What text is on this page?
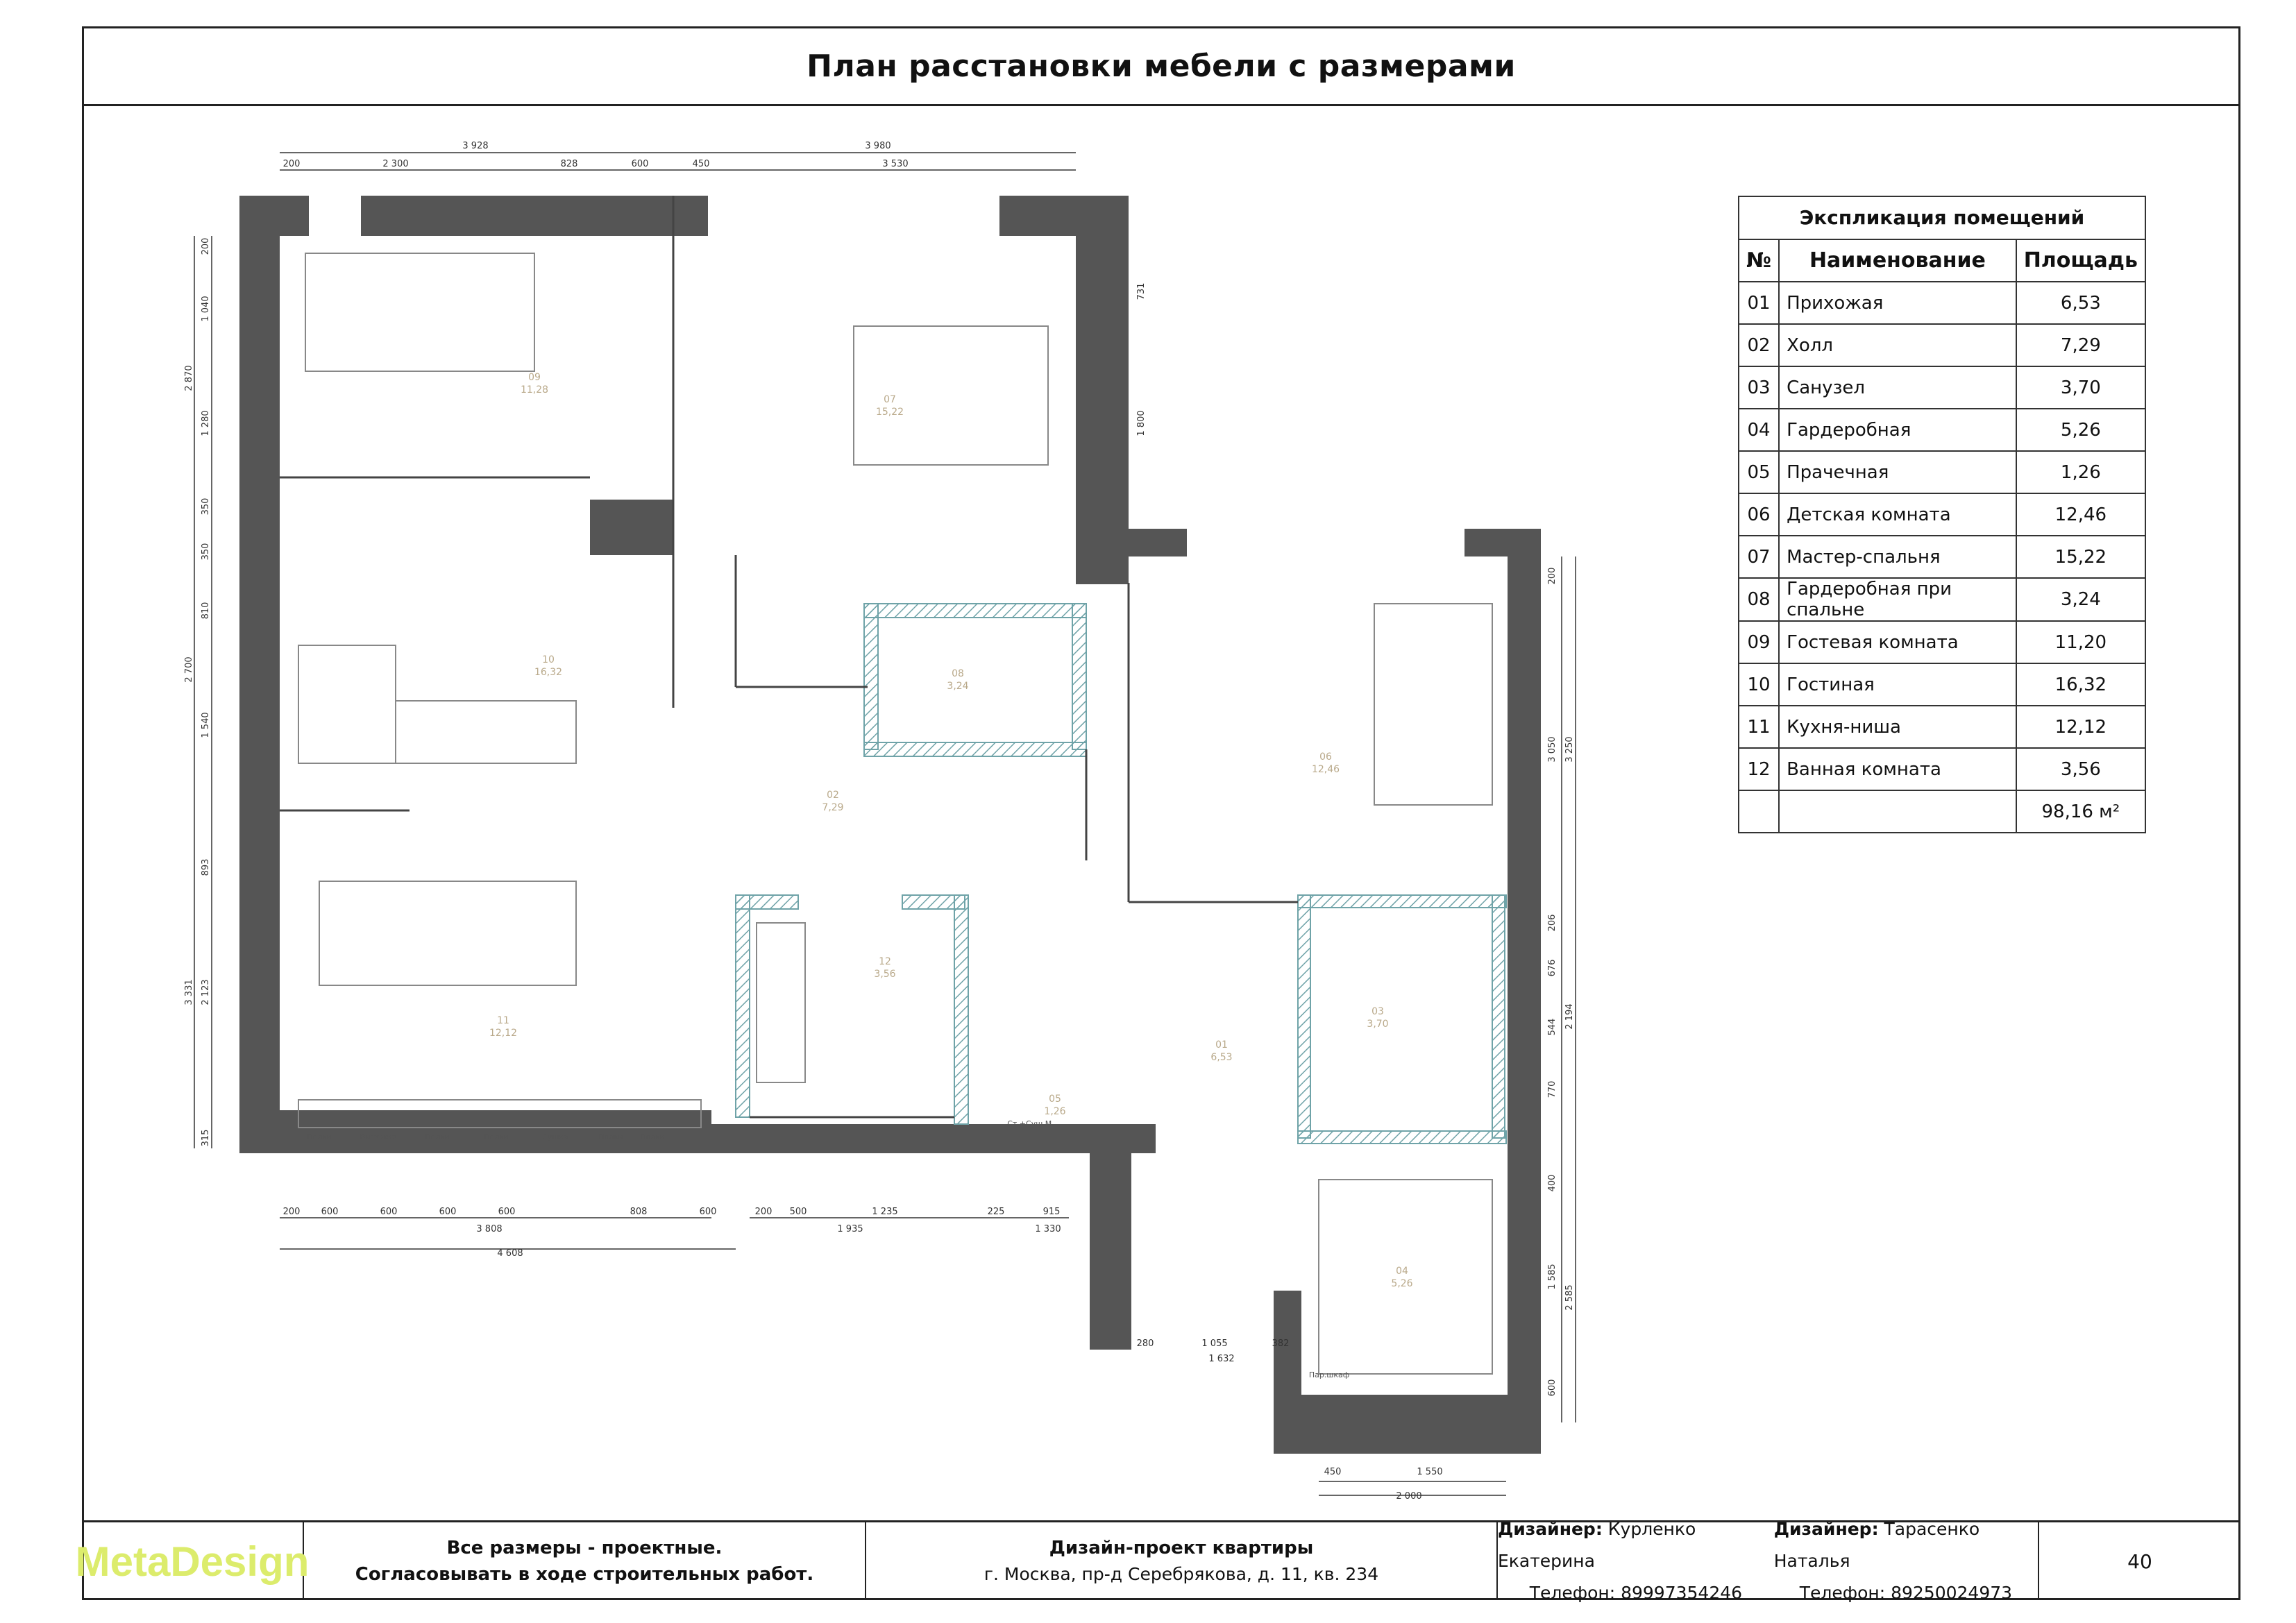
План расстановки мебели с размерами
09
11,28
07
15,22
10
16,32	08
3,24
02
7,29
06
12,46
11
12,12
12
3,56
01
6,53
03
3,70
04
5,26
05
1,26
3 928	3 980
200	2 300	828	600	450	3 530
200 600	600	600	600	808	600	200 500	1 235	225	915
3 808	1 935	1 330
4 608
450	1 550
2 000
280	1 055
1 632
382
200
1 040
2 870
1 280
350
350
810
2 700
1 540
893
3 331 2 123
315
731
1 800
200
3 050 3 250
206
676
2 194
544
770
400
1 585
2 585
600
Полки	Вытяжка	Полки	Полки	Сушка	Полки Полки
Ст.+Суш.М.
Пар.шкаф
Экспликация помещений
№	Наименование	Площадь
01	Прихожая	6,53
02	Холл	7,29
03	Санузел	3,70
04	Гардеробная	5,26
05	Прачечная	1,26
06	Детская комната	12,46
07	Мастер-спальня	15,22
08	Гардеробная при спальне	3,24
09	Гостевая комната	11,20
10	Гостиная	16,32
11	Кухня-ниша	12,12
12	Ванная комната	3,56
		98,16 м²
MetaDesign	Все размеры - проектные.
Согласовывать в ходе строительных работ.
Дизайн-проект квартиры
г. Москва, пр-д Серебрякова, д. 11, кв. 234
Дизайнер: Курленко Екатерина
Телефон: 89997354246
Дизайнер: Тарасенко Наталья
Телефон: 89250024973
40
